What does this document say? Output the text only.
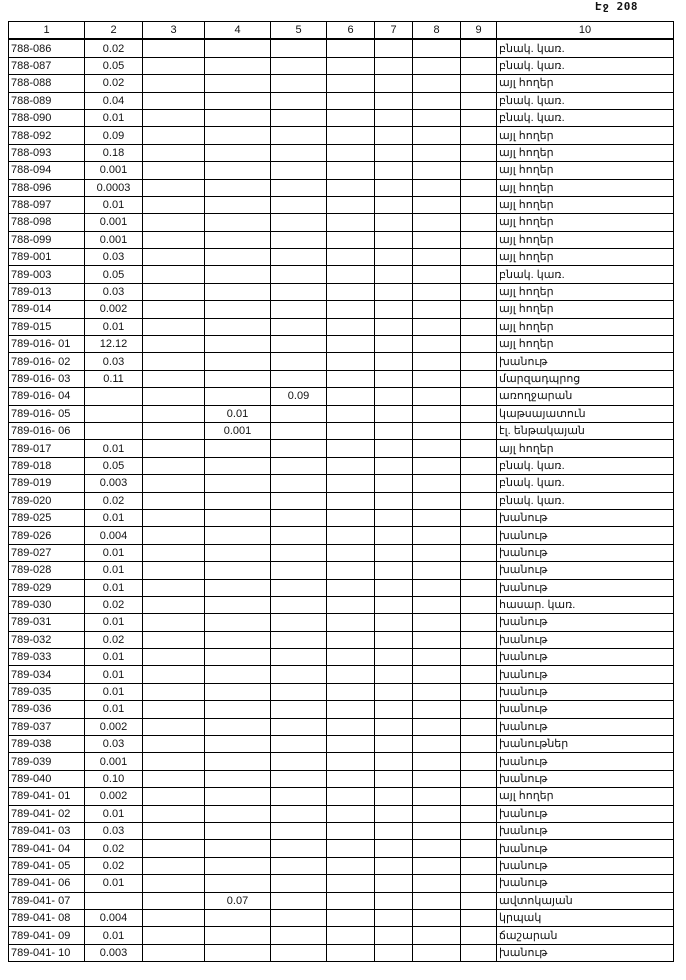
Էջ 208
1	2	3	4	5	6	7	8	9	10
788-086	0.02								բնակ. կառ.
788-087	0.05								բնակ. կառ.
788-088	0.02								այլ հողեր
788-089	0.04								բնակ. կառ.
788-090	0.01								բնակ. կառ.
788-092	0.09								այլ հողեր
788-093	0.18								այլ հողեր
788-094	0.001								այլ հողեր
788-096	0.0003								այլ հողեր
788-097	0.01								այլ հողեր
788-098	0.001								այլ հողեր
788-099	0.001								այլ հողեր
789-001	0.03								այլ հողեր
789-003	0.05								բնակ. կառ.
789-013	0.03								այլ հողեր
789-014	0.002								այլ հողեր
789-015	0.01								այլ հողեր
789-016- 01	12.12								այլ հողեր
789-016- 02	0.03								խանութ
789-016- 03	0.11								մարզադպրոց
789-016- 04				0.09					առողջարան
789-016- 05			0.01						կաթսայատուն
789-016- 06			0.001						էլ. ենթակայան
789-017	0.01								այլ հողեր
789-018	0.05								բնակ. կառ.
789-019	0.003								բնակ. կառ.
789-020	0.02								բնակ. կառ.
789-025	0.01								խանութ
789-026	0.004								խանութ
789-027	0.01								խանութ
789-028	0.01								խանութ
789-029	0.01								խանութ
789-030	0.02								հասար. կառ.
789-031	0.01								խանութ
789-032	0.02								խանութ
789-033	0.01								խանութ
789-034	0.01								խանութ
789-035	0.01								խանութ
789-036	0.01								խանութ
789-037	0.002								խանութ
789-038	0.03								խանութներ
789-039	0.001								խանութ
789-040	0.10								խանութ
789-041- 01	0.002								այլ հողեր
789-041- 02	0.01								խանութ
789-041- 03	0.03								խանութ
789-041- 04	0.02								խանութ
789-041- 05	0.02								խանութ
789-041- 06	0.01								խանութ
789-041- 07			0.07						ավտոկայան
789-041- 08	0.004								կրպակ
789-041- 09	0.01								ճաշարան
789-041- 10	0.003								խանութ
